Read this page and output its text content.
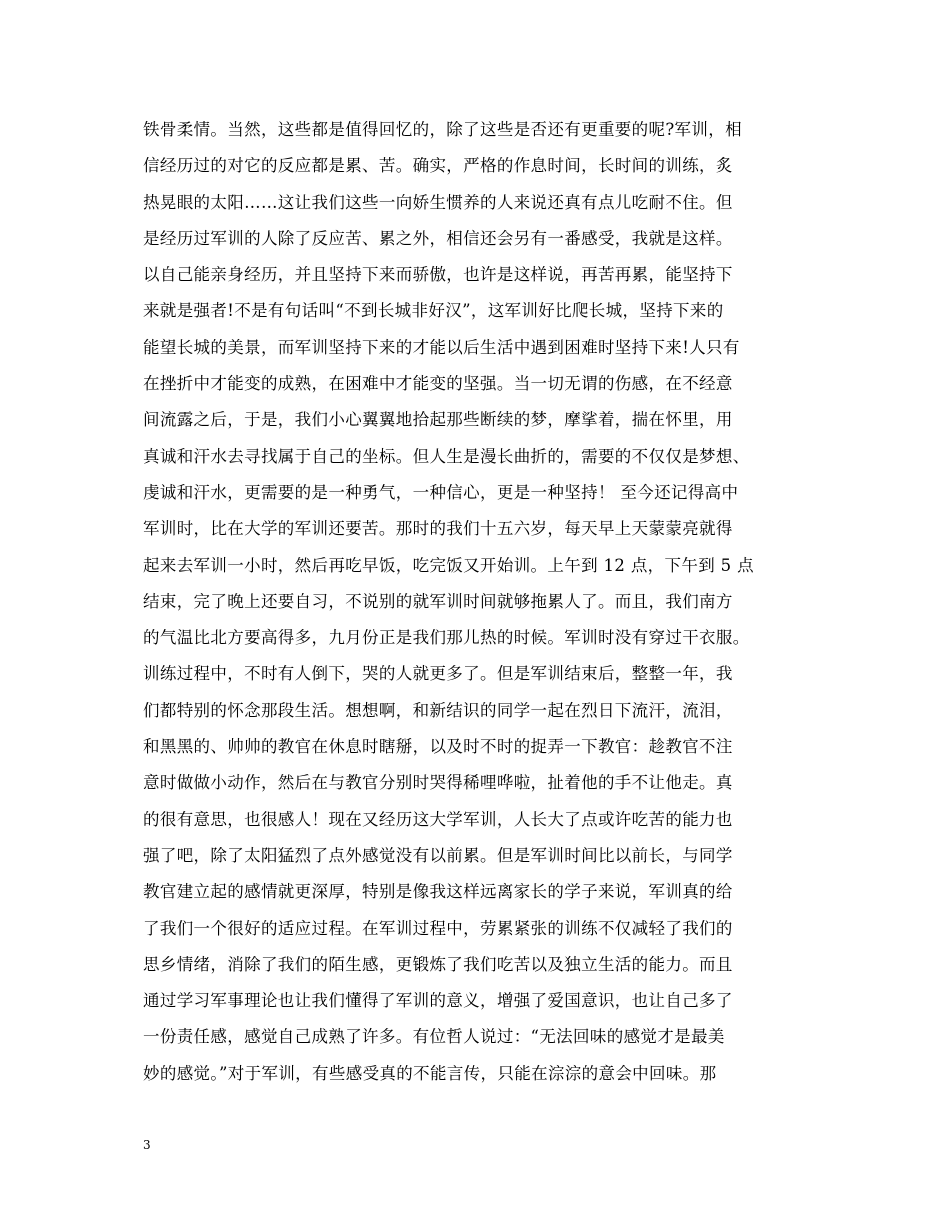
铁骨柔情。当然，这些都是值得回忆的，除了这些是否还有更重要的呢?军训，相
信经历过的对它的反应都是累、苦。确实，严格的作息时间，长时间的训练，炙
热晃眼的太阳……这让我们这些一向娇生惯养的人来说还真有点儿吃耐不住。但
是经历过军训的人除了反应苦、累之外，相信还会另有一番感受，我就是这样。
以自己能亲身经历，并且坚持下来而骄傲，也许是这样说，再苦再累，能坚持下
来就是强者!不是有句话叫“不到长城非好汉”，这军训好比爬长城，坚持下来的
能望长城的美景，而军训坚持下来的才能以后生活中遇到困难时坚持下来!人只有
在挫折中才能变的成熟，在困难中才能变的坚强。当一切无谓的伤感，在不经意
间流露之后，于是，我们小心翼翼地拾起那些断续的梦，摩挲着，揣在怀里，用
真诚和汗水去寻找属于自己的坐标。但人生是漫长曲折的，需要的不仅仅是梦想、
虔诚和汗水，更需要的是一种勇气，一种信心，更是一种坚持！ 至今还记得高中
军训时，比在大学的军训还要苦。那时的我们十五六岁，每天早上天蒙蒙亮就得
起来去军训一小时，然后再吃早饭，吃完饭又开始训。上午到 12 点，下午到 5 点
结束，完了晚上还要自习，不说别的就军训时间就够拖累人了。而且，我们南方
的气温比北方要高得多，九月份正是我们那儿热的时候。军训时没有穿过干衣服。
训练过程中，不时有人倒下，哭的人就更多了。但是军训结束后，整整一年，我
们都特别的怀念那段生活。想想啊，和新结识的同学一起在烈日下流汗，流泪，
和黑黑的、帅帅的教官在休息时瞎掰，以及时不时的捉弄一下教官：趁教官不注
意时做做小动作，然后在与教官分别时哭得稀哩哗啦，扯着他的手不让他走。真
的很有意思，也很感人！现在又经历这大学军训，人长大了点或许吃苦的能力也
强了吧，除了太阳猛烈了点外感觉没有以前累。但是军训时间比以前长，与同学
教官建立起的感情就更深厚，特别是像我这样远离家长的学子来说，军训真的给
了我们一个很好的适应过程。在军训过程中，劳累紧张的训练不仅减轻了我们的
思乡情绪，消除了我们的陌生感，更锻炼了我们吃苦以及独立生活的能力。而且
通过学习军事理论也让我们懂得了军训的意义，增强了爱国意识，也让自己多了
一份责任感，感觉自己成熟了许多。有位哲人说过：“无法回味的感觉才是最美
妙的感觉。”对于军训，有些感受真的不能言传，只能在淙淙的意会中回味。那
3
